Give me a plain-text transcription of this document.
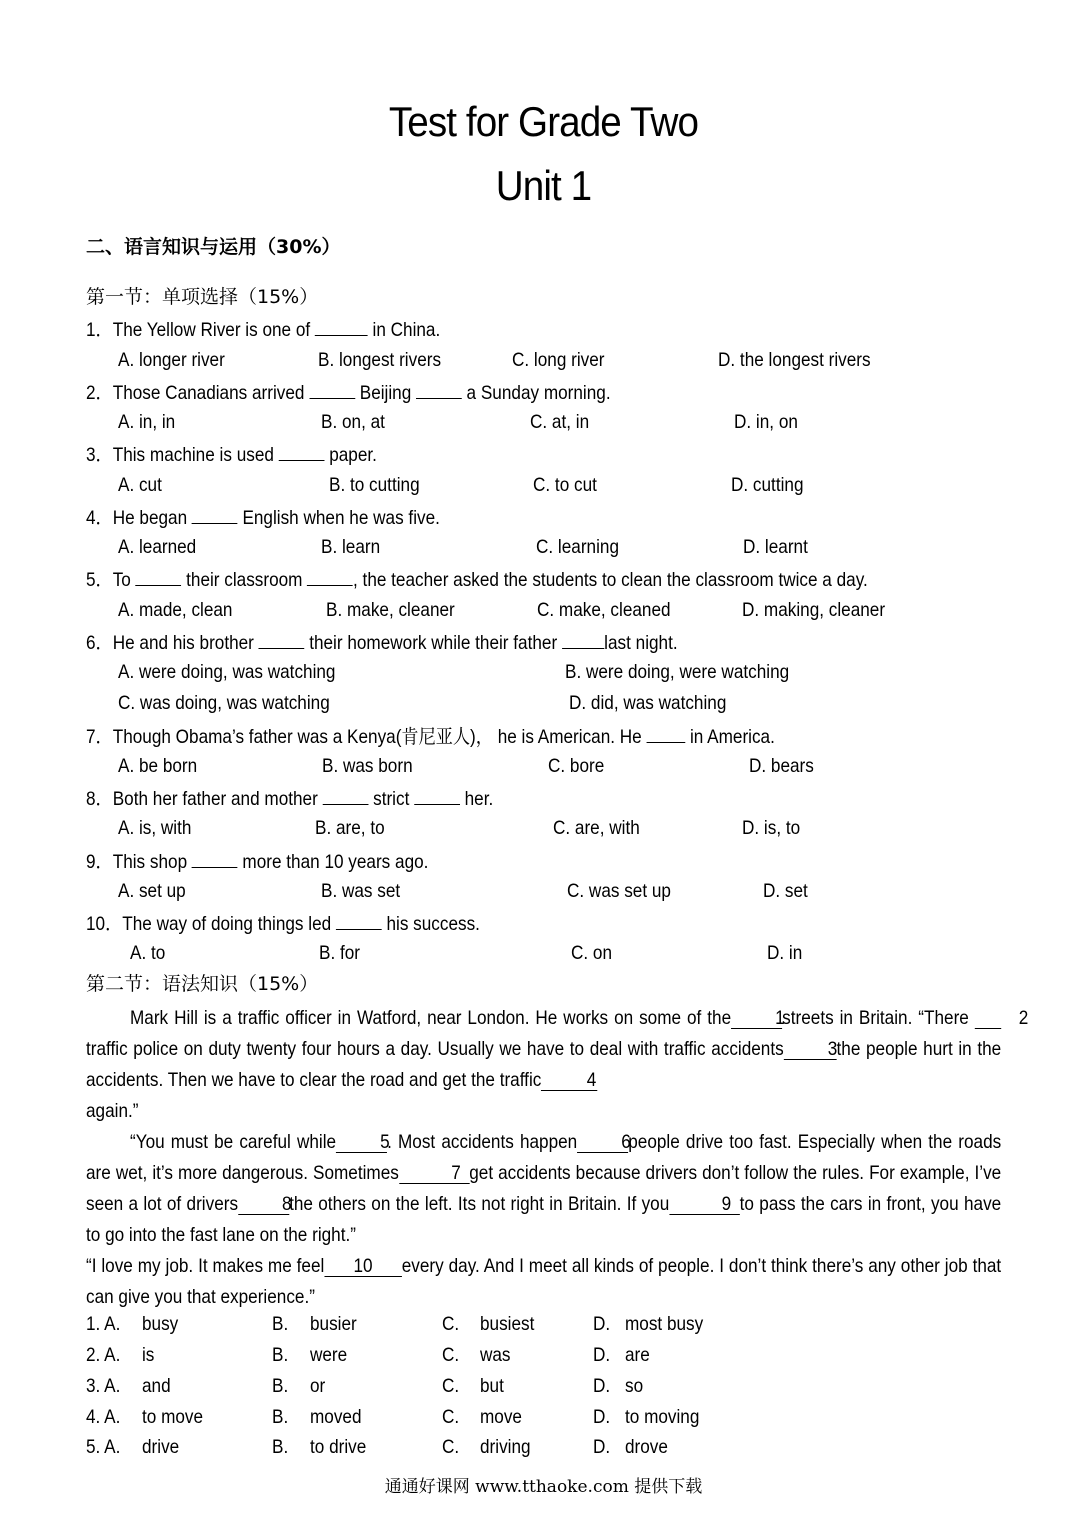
Test for Grade Two
Unit 1
二、语言知识与运用（30%）
第一节：单项选择（15%）
1．The Yellow River is one of	in China.
A. longer river	B. longest rivers	C. long river	D. the longest rivers
2．Those Canadians arrived  Beijing  a Sunday morning.
A. in, in	B. on, at	C. at, in	D. in, on
3．This machine is used  paper.
A. cut	B. to cutting	C. to cut	D. cutting
4．He began  English when he was five.
A. learned	B. learn	C. learning	D. learnt
5．To  their classroom , the teacher asked the students to clean the classroom twice a day.
A. made, clean	B. make, cleaner	C. make, cleaned	D. making, cleaner
6．He and his brother  their homework while their father last night.
A. were doing, was watching	B. were doing, were watching
C. was doing, was watching	D. did, was watching
7．Though Obama’s father was a Kenya(肯尼亚人)， he is American. He  in America.
A. be born	B. was born	C. bore	D. bears
8．Both her father and mother  strict  her.
A. is, with	B. are, to	C. are, with	D. is, to
9．This shop  more than 10 years ago.
A. set up	B. was set	C. was set up	D. set
10．The way of doing things led  his success.
A. to	B. for	C. on	D. in
第二节：语法知识（15%）
Mark Hill is a traffic officer in Watford, near London. He works on some of the 1streets in Britain. “There	2traffic police on duty twenty four hours a day. Usually we have to deal with traffic accidents 3the people hurt in the accidents. Then we have to clear the road and get the traffic 4
again.”
“You must be careful while 5. Most accidents happen 6people drive too fast. Especially when the roads are wet, it’s more dangerous. Sometimes	7 get accidents because drivers don’t follow the rules. For example, I’ve seen a lot of drivers 8the others on the left. Its not right in Britain. If you	9 to pass the cars in front, you have to go into the fast lane on the right.”
“I love my job. It makes me feel 10 every day. And I meet all kinds of people. I don’t think there’s any other job that can give you that experience.”
1. A. busy	B. busier	C. busiest	D. most busy
2. A. is	B. were	C. was	D. are
3. A. and	B. or	C. but	D. so
4. A. to move	B. moved	C. move	D. to moving
5. A. drive	B. to drive	C. driving	D. drove
通通好课网 www.tthaoke.com 提供下载
